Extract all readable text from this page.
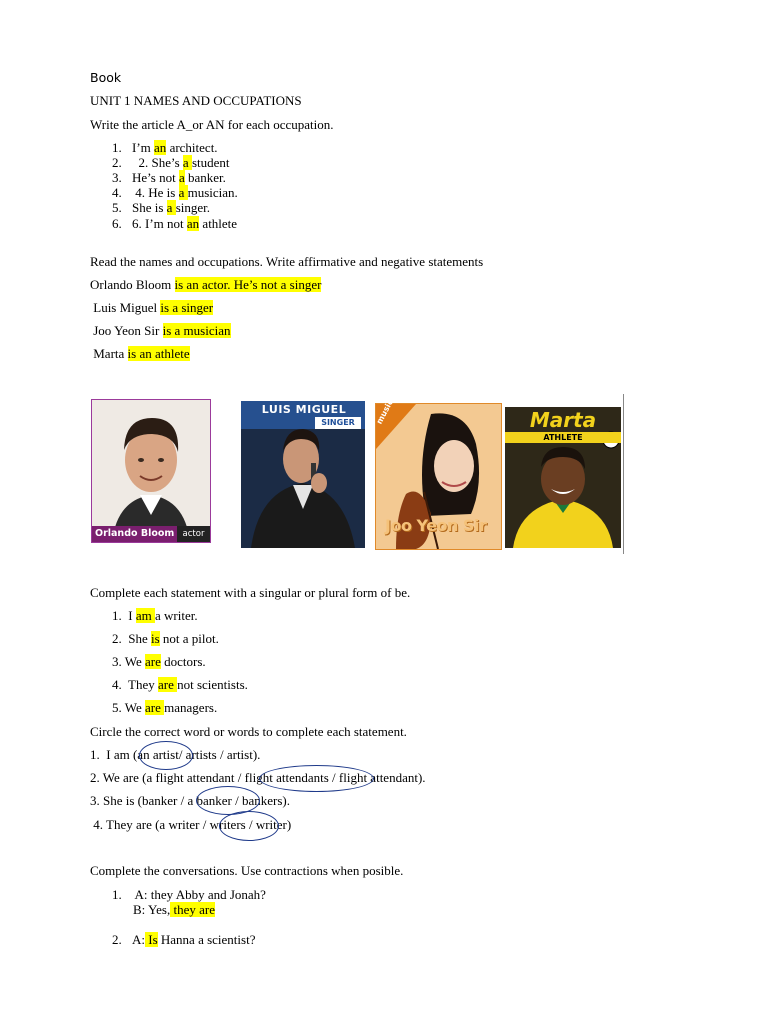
Book
UNIT 1 NAMES AND OCCUPATIONS
Write the article A_or AN for each occupation.
1. I’m an architect.
2.  2. She’s a student
3. He’s not a banker.
4. 4. He is a musician.
5. She is a singer.
6. 6. I’m not an athlete
Read the names and occupations. Write affirmative and negative statements
Orlando Bloom is an actor. He’s not a singer
Luis Miguel is a singer
Joo Yeon Sir is a musician
Marta is an athlete
Orlando Bloom actor
LUIS MIGUEL
SINGER	musician
Joo Yeon Sir
Marta
ATHLETE
Complete each statement with a singular or plural form of be.
1.  I am a writer.
2.  She is not a pilot.
3. We are doctors.
4.  They are not scientists.
5. We are managers.
Circle the correct word or words to complete each statement.
1.  I am (an artist/ artists / artist).
2. We are (a flight attendant / flight attendants / flight attendant).
3. She is (banker / a banker / bankers).
4. They are (a writer / writers / writer)
Complete the conversations. Use contractions when posible.
1. A: they Abby and Jonah?
B: Yes, they are
2. A: Is Hanna a scientist?
